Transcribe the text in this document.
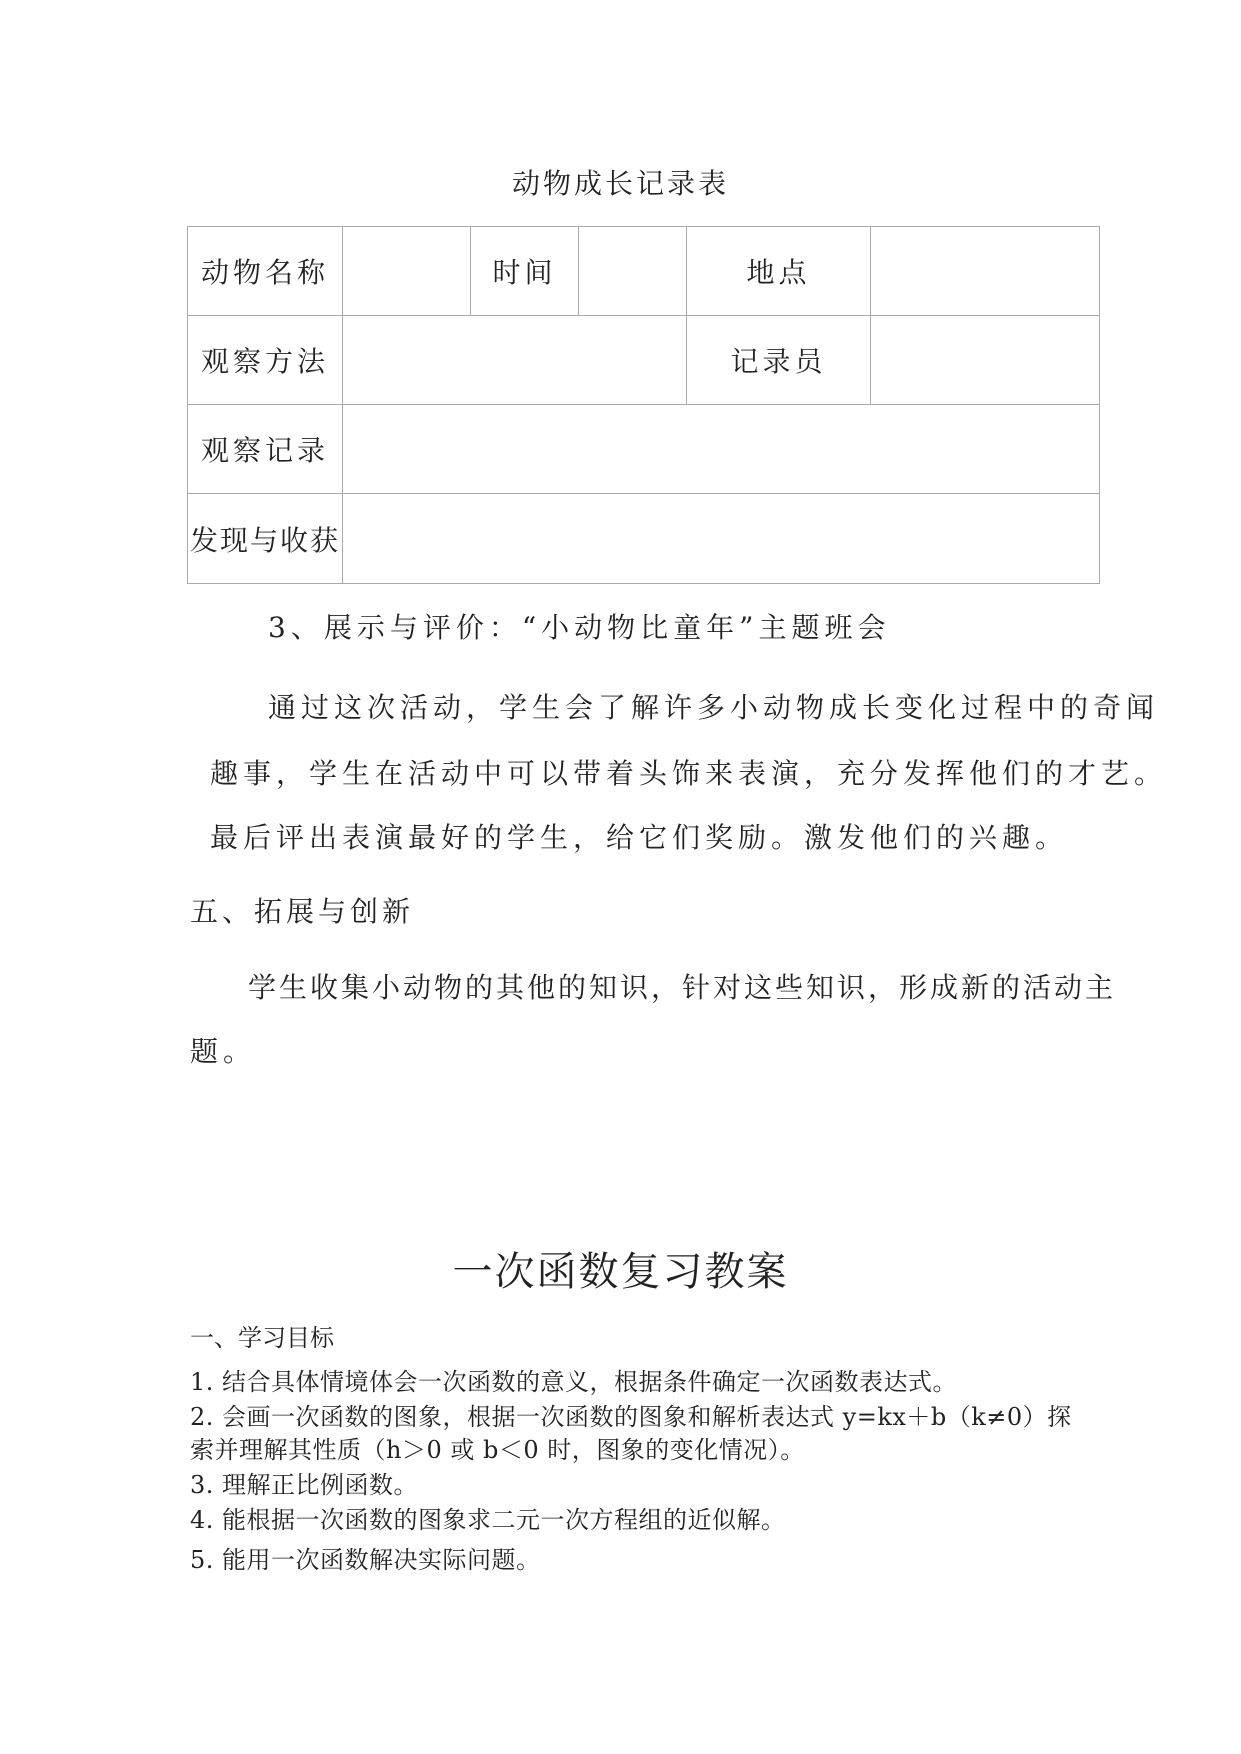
动物成长记录表
动物名称		时间		地点	
观察方法				记录员	
观察记录					
发现与收获					
3、展示与评价：“小动物比童年”主题班会
通过这次活动，学生会了解许多小动物成长变化过程中的奇闻
趣事，学生在活动中可以带着头饰来表演，充分发挥他们的才艺。
最后评出表演最好的学生，给它们奖励。激发他们的兴趣。
五、拓展与创新
学生收集小动物的其他的知识，针对这些知识，形成新的活动主
题。
一次函数复习教案
一、学习目标
1. 结合具体情境体会一次函数的意义，根据条件确定一次函数表达式。
2. 会画一次函数的图象，根据一次函数的图象和解析表达式 y=kx＋b（k≠0）探
索并理解其性质（h＞0 或 b＜0 时，图象的变化情况）。
3. 理解正比例函数。
4. 能根据一次函数的图象求二元一次方程组的近似解。
5. 能用一次函数解决实际问题。
